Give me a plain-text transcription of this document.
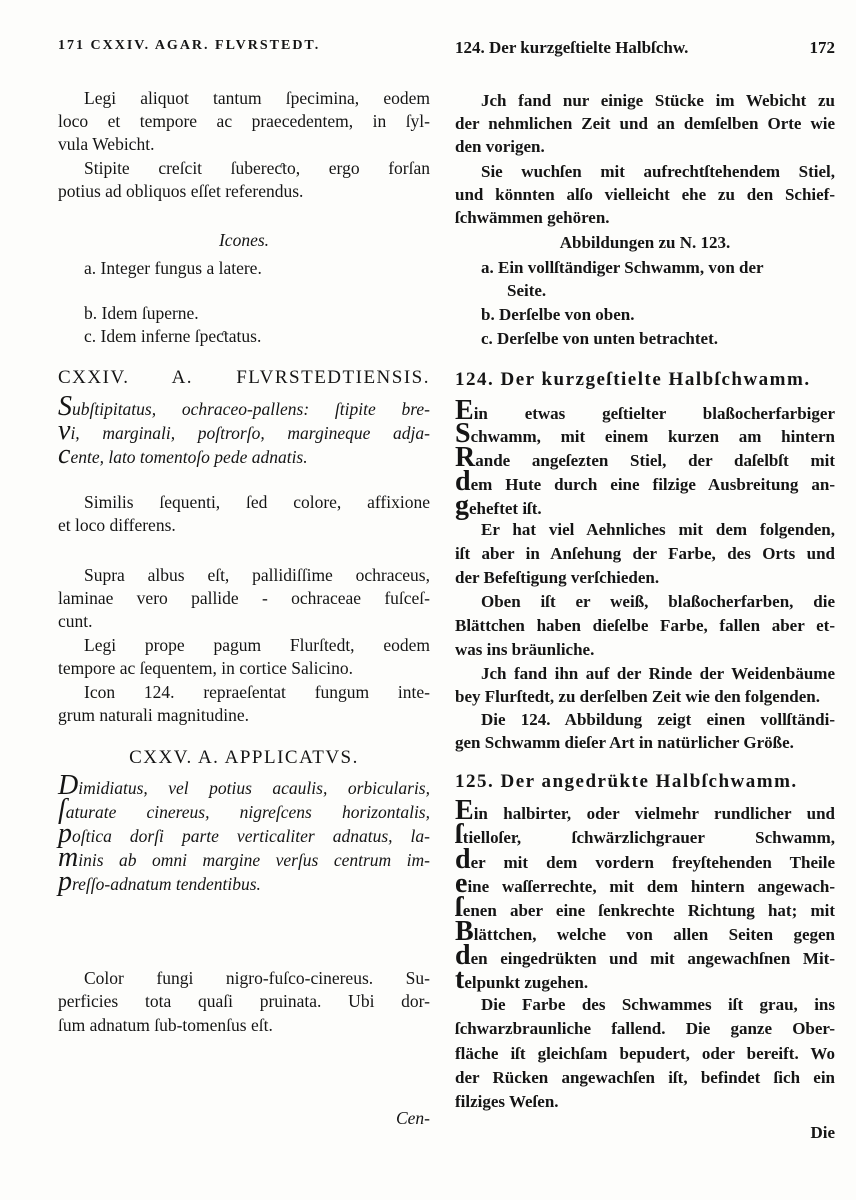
171 CXXIV. AGAR. FLVRSTEDT.
Legi aliquot tantum ſpecimina, eodem
loco et tempore ac praecedentem, in ſyl-
vula Webicht.
Stipite creſcit ſubereƈto, ergo forſan
potius ad obliquos eſſet referendus.
Icones.
a. Integer fungus a latere.
b. Idem ſuperne.
c. Idem inferne ſpeƈtatus.
CXXIV. A. FLVRSTEDTIENSIS.
Subſtipitatus, ochraceo-pallens: ſtipite bre-
vi, marginali, poſtrorſo, margineque adja-
cente, lato tomentoſo pede adnatis.
Similis ſequenti, ſed colore, affixione
et loco differens.
Supra albus eſt, pallidiſſime ochraceus,
laminae vero pallide - ochraceae fuſceſ-
cunt.
Legi prope pagum Flurſtedt, eodem
tempore ac ſequentem, in cortice Salicino.
Icon 124. repraeſentat fungum inte-
grum naturali magnitudine.
CXXV. A. APPLICATVS.
Dimidiatus, vel potius acaulis, orbicularis,
ſaturate cinereus, nigreſcens horizontalis,
poſtica dorſi parte verticaliter adnatus, la-
minis ab omni margine verſus centrum im-
preſſo-adnatum tendentibus.
Color fungi nigro-fuſco-cinereus. Su-
perficies tota quaſi pruinata. Ubi dor-
ſum adnatum ſub-tomenſus eſt.
Cen-
124. Der kurzgeſtielte Halbſchw.	172
Jch fand nur einige Stücke im Webicht zu
der nehmlichen Zeit und an demſelben Orte wie
den vorigen.
Sie wuchſen mit aufrechtſtehendem Stiel,
und könnten alſo vielleicht ehe zu den Schief-
ſchwämmen gehören.
Abbildungen zu N. 123.
a. Ein vollſtändiger Schwamm, von der
Seite.
b. Derſelbe von oben.
c. Derſelbe von unten betrachtet.
124. Der kurzgeſtielte Halbſchwamm.
Ein etwas geſtielter blaßocherfarbiger
Schwamm, mit einem kurzen am hintern
Rande angeſezten Stiel, der daſelbſt mit
dem Hute durch eine filzige Ausbreitung an-
geheftet iſt.
Er hat viel Aehnliches mit dem folgenden,
iſt aber in Anſehung der Farbe, des Orts und
der Befeſtigung verſchieden.
Oben iſt er weiß, blaßocherfarben, die
Blättchen haben dieſelbe Farbe, fallen aber et-
was ins bräunliche.
Jch fand ihn auf der Rinde der Weidenbäume
bey Flurſtedt, zu derſelben Zeit wie den folgenden.
Die 124. Abbildung zeigt einen vollſtändi-
gen Schwamm dieſer Art in natürlicher Größe.
125. Der angedrükte Halbſchwamm.
Ein halbirter, oder vielmehr rundlicher und
ſtielloſer, ſchwärzlichgrauer Schwamm,
der mit dem vordern freyſtehenden Theile
eine waſſerrechte, mit dem hintern angewach-
ſenen aber eine ſenkrechte Richtung hat; mit
Blättchen, welche von allen Seiten gegen
den eingedrükten und mit angewachſnen Mit-
telpunkt zugehen.
Die Farbe des Schwammes iſt grau, ins
ſchwarzbraunliche fallend. Die ganze Ober-
fläche iſt gleichſam bepudert, oder bereift. Wo
der Rücken angewachſen iſt, befindet ſich ein
filziges Weſen.
Die
